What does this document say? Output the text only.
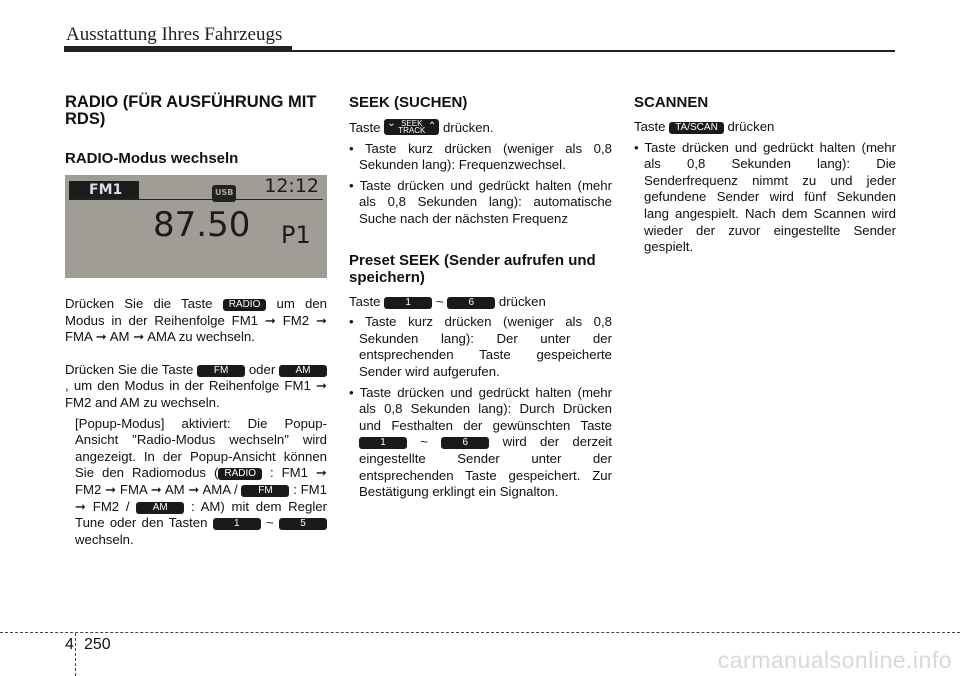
Ausstattung Ihres Fahrzeugs
RADIO (FÜR AUSFÜHRUNG MIT RDS)
RADIO-Modus wechseln
FM1	USB 12:12
87.50 P1

Drücken Sie die Taste RADIO um den Modus in der Reihenfolge FM1 ➞ FM2 ➞ FMA ➞ AM ➞ AMA zu wechseln.

Drücken Sie die Taste FM oder AM, um den Modus in der Reihenfolge FM1 ➞ FM2 and AM zu wechseln.

[Popup-Modus] aktiviert: Die Popup-Ansicht "Radio-Modus wechseln" wird angezeigt. In der Popup-Ansicht können Sie den Radiomodus ( RADIO : FM1 ➞ FM2 ➞ FMA ➞ AM ➞ AMA / FM : FM1 ➞ FM2 / AM : AM) mit dem Regler Tune oder den Tasten 1 ~ 5 wechseln.

SEEK (SUCHEN)

Taste ⌄ SEEK
TRACK ⌃ drücken.

• Taste kurz drücken (weniger als 0,8 Sekunden lang): Frequenzwechsel.

• Taste drücken und gedrückt halten (mehr als 0,8 Sekunden lang): automatische Suche nach der nächsten Frequenz

Preset SEEK (Sender aufrufen und speichern)

Taste 1 ~ 6 drücken

• Taste kurz drücken (weniger als 0,8 Sekunden lang): Der unter der entsprechenden Taste gespeicherte Sender wird aufgerufen.

• Taste drücken und gedrückt halten (mehr als 0,8 Sekunden lang): Durch Drücken und Festhalten der gewünschten Taste 1 ~ 6 wird der derzeit eingestellte Sender unter der entsprechenden Taste gespeichert. Zur Bestätigung erklingt ein Signalton.

SCANNEN

Taste TA/SCAN drücken

• Taste drücken und gedrückt halten (mehr als 0,8 Sekunden lang): Die Senderfrequenz nimmt zu und jeder gefundene Sender wird fünf Sekunden lang angespielt. Nach dem Scannen wird wieder der zuvor eingestellte Sender gespielt.

4 250
carmanualsonline.info
